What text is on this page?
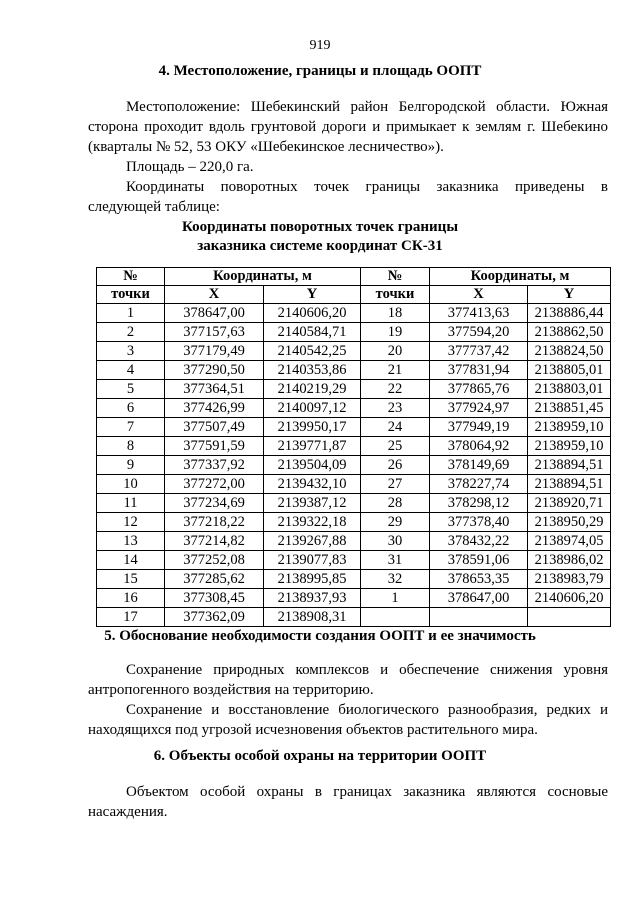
919
4. Местоположение, границы и площадь ООПТ

Местоположение: Шебекинский район Белгородской области. Южная

сторона проходит вдоль грунтовой дороги и примыкает к землям г. Шебекино

(кварталы № 52, 53 ОКУ «Шебекинское лесничество»).

Площадь – 220,0 га.

Координаты поворотных точек границы заказника приведены в

следующей таблице:

Координаты поворотных точек границы
заказника системе координат СК-31
№	Координаты, м		№	Координаты, м	
точки	X	Y	точки	X	Y
1	378647,00	2140606,20	18	377413,63	2138886,44
2	377157,63	2140584,71	19	377594,20	2138862,50
3	377179,49	2140542,25	20	377737,42	2138824,50
4	377290,50	2140353,86	21	377831,94	2138805,01
5	377364,51	2140219,29	22	377865,76	2138803,01
6	377426,99	2140097,12	23	377924,97	2138851,45
7	377507,49	2139950,17	24	377949,19	2138959,10
8	377591,59	2139771,87	25	378064,92	2138959,10
9	377337,92	2139504,09	26	378149,69	2138894,51
10	377272,00	2139432,10	27	378227,74	2138894,51
11	377234,69	2139387,12	28	378298,12	2138920,71
12	377218,22	2139322,18	29	377378,40	2138950,29
13	377214,82	2139267,88	30	378432,22	2138974,05
14	377252,08	2139077,83	31	378591,06	2138986,02
15	377285,62	2138995,85	32	378653,35	2138983,79
16	377308,45	2138937,93	1	378647,00	2140606,20
17	377362,09	2138908,31			
5. Обоснование необходимости создания ООПТ и ее значимость

Сохранение природных комплексов и обеспечение снижения уровня

антропогенного воздействия на территорию.

Сохранение и восстановление биологического разнообразия, редких и

находящихся под угрозой исчезновения объектов растительного мира.

6. Объекты особой охраны на территории ООПТ

Объектом особой охраны в границах заказника являются сосновые

насаждения.
